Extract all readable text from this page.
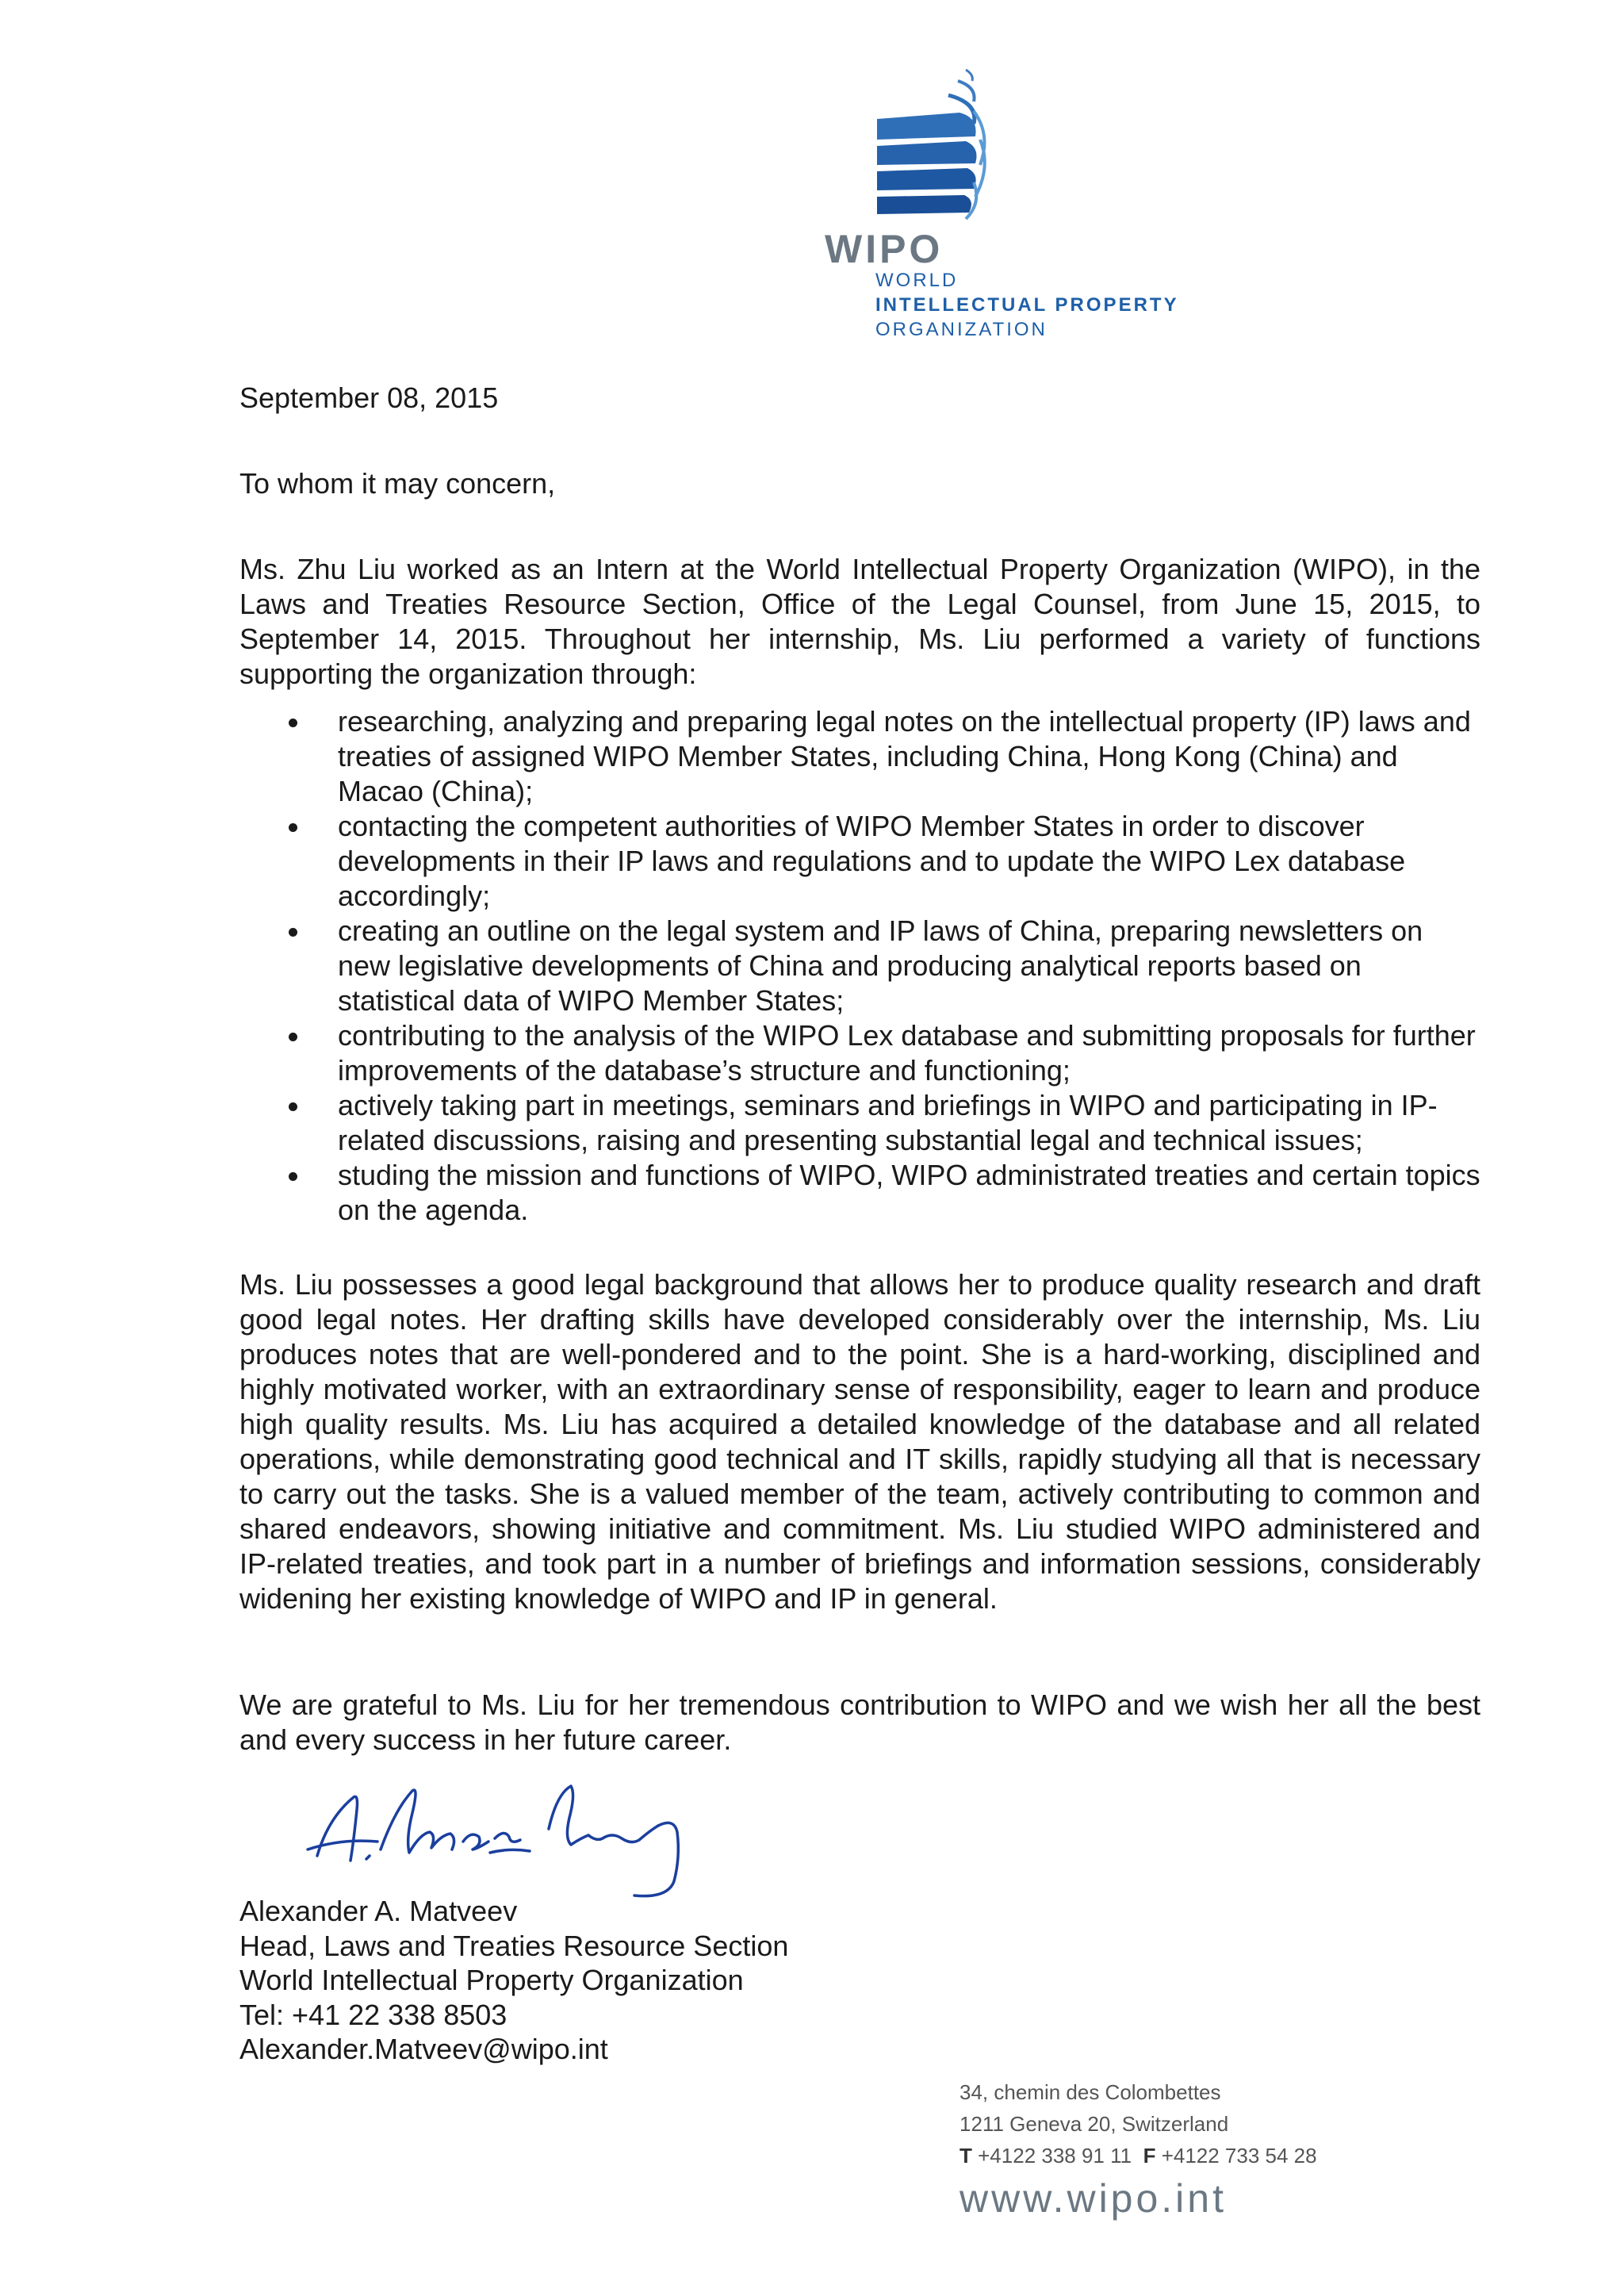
WIPO
WORLD
INTELLECTUAL PROPERTY
ORGANIZATION
September 08, 2015
To whom it may concern,
Ms. Zhu Liu worked as an Intern at the World Intellectual Property Organization (WIPO), in the Laws and Treaties Resource Section, Office of the Legal Counsel, from June 15, 2015, to September 14, 2015. Throughout her internship, Ms. Liu performed a variety of functions supporting the organization through:
researching, analyzing and preparing legal notes on the intellectual property (IP) laws and treaties of assigned WIPO Member States, including China, Hong Kong (China) and Macao (China);
contacting the competent authorities of WIPO Member States in order to discover developments in their IP laws and regulations and to update the WIPO Lex database accordingly;
creating an outline on the legal system and IP laws of China, preparing newsletters on new legislative developments of China and producing analytical reports based on statistical data of WIPO Member States;
contributing to the analysis of the WIPO Lex database and submitting proposals for further improvements of the database’s structure and functioning;
actively taking part in meetings, seminars and briefings in WIPO and participating in IP-related discussions, raising and presenting substantial legal and technical issues;
studing the mission and functions of WIPO, WIPO administrated treaties and certain topics on the agenda.
Ms. Liu possesses a good legal background that allows her to produce quality research and draft good legal notes. Her drafting skills have developed considerably over the internship, Ms. Liu produces notes that are well-pondered and to the point. She is a hard-working, disciplined and highly motivated worker, with an extraordinary sense of responsibility, eager to learn and produce high quality results. Ms. Liu has acquired a detailed knowledge of the database and all related operations, while demonstrating good technical and IT skills, rapidly studying all that is necessary to carry out the tasks. She is a valued member of the team, actively contributing to common and shared endeavors, showing initiative and commitment. Ms. Liu studied WIPO administered and IP-related treaties, and took part in a number of briefings and information sessions, considerably widening her existing knowledge of WIPO and IP in general.
We are grateful to Ms. Liu for her tremendous contribution to WIPO and we wish her all the best and every success in her future career.
Alexander A. Matveev
Head, Laws and Treaties Resource Section
World Intellectual Property Organization
Tel: +41 22 338 8503
Alexander.Matveev@wipo.int
34, chemin des Colombettes
1211 Geneva 20, Switzerland
T +4122 338 91 11 F +4122 733 54 28
www.wipo.int
